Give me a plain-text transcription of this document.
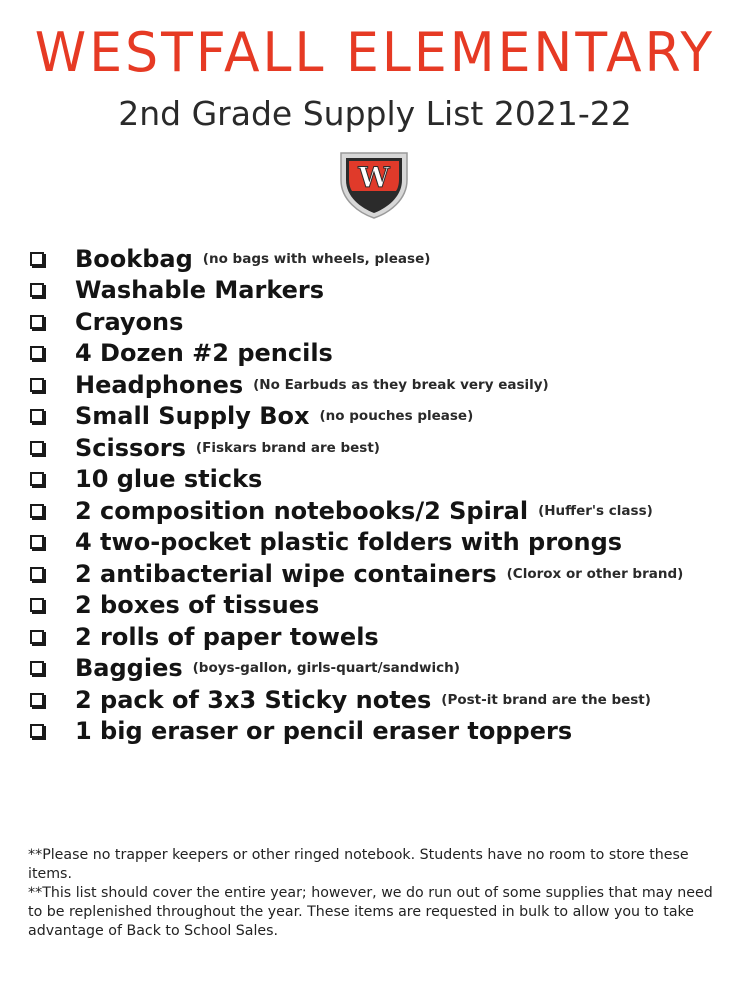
WESTFALL ELEMENTARY
2nd Grade Supply List 2021-22
W
Bookbag (no bags with wheels, please)
Washable Markers
Crayons
4 Dozen #2 pencils
Headphones (No Earbuds as they break very easily)
Small Supply Box (no pouches please)
Scissors (Fiskars brand are best)
10 glue sticks
2 composition notebooks/2 Spiral (Huffer's class)
4 two-pocket plastic folders with prongs
2 antibacterial wipe containers (Clorox or other brand)
2 boxes of tissues
2 rolls of paper towels
Baggies (boys-gallon, girls-quart/sandwich)
2 pack of 3x3 Sticky notes (Post-it brand are the best)
1 big eraser or pencil eraser toppers

**Please no trapper keepers or other ringed notebook. Students have no room to store these items.

**This list should cover the entire year; however, we do run out of some supplies that may need to be replenished throughout the year. These items are requested in bulk to allow you to take advantage of Back to School Sales.
